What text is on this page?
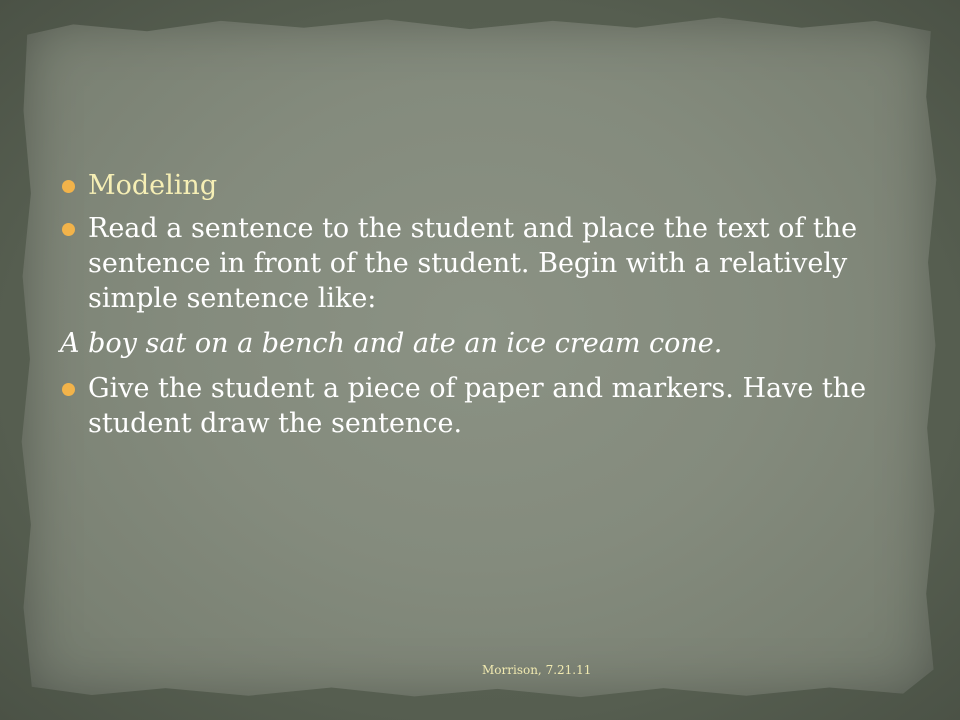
Modeling
Read a sentence to the student and place the text of the sentence in front of the student. Begin with a relatively simple sentence like:
A boy sat on a bench and ate an ice cream cone.
Give the student a piece of paper and markers. Have the student draw the sentence.
Morrison, 7.21.11
